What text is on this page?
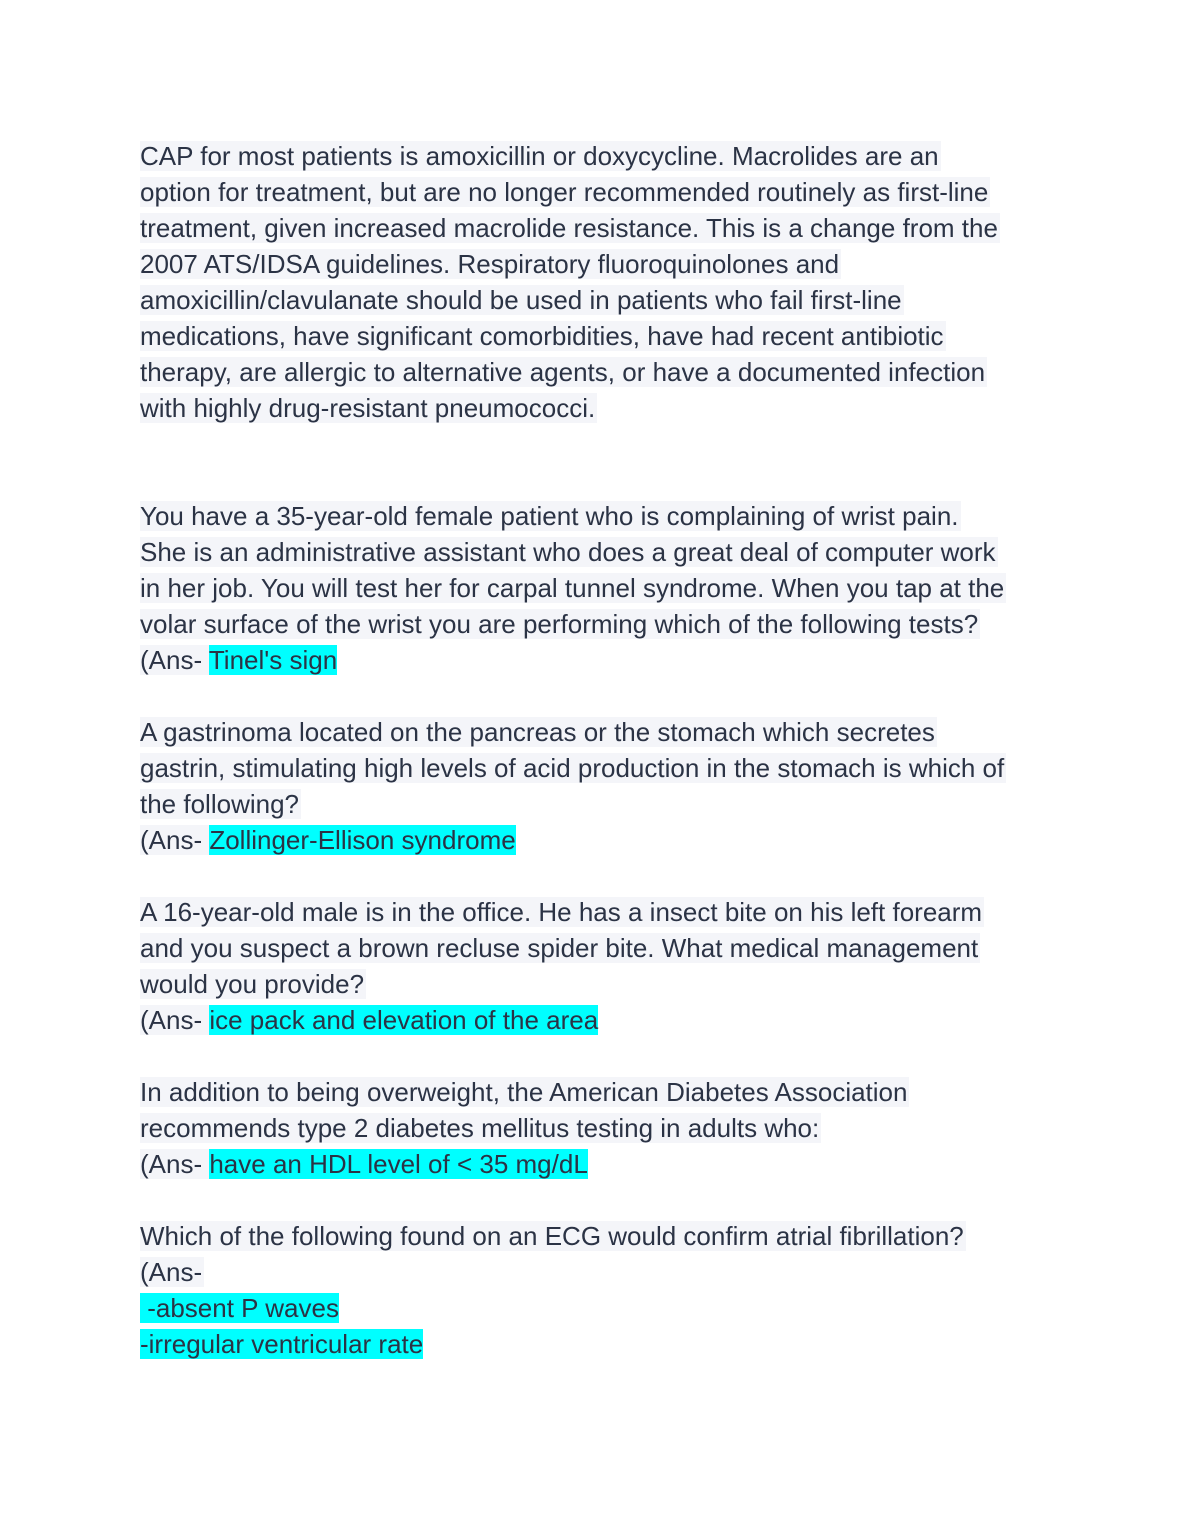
CAP for most patients is amoxicillin or doxycycline. Macrolides are an
option for treatment, but are no longer recommended routinely as first-line
treatment, given increased macrolide resistance. This is a change from the
2007 ATS/IDSA guidelines. Respiratory fluoroquinolones and
amoxicillin/clavulanate should be used in patients who fail first-line
medications, have significant comorbidities, have had recent antibiotic
therapy, are allergic to alternative agents, or have a documented infection
with highly drug-resistant pneumococci.
You have a 35-year-old female patient who is complaining of wrist pain.
She is an administrative assistant who does a great deal of computer work
in her job. You will test her for carpal tunnel syndrome. When you tap at the
volar surface of the wrist you are performing which of the following tests?
(Ans- Tinel's sign
A gastrinoma located on the pancreas or the stomach which secretes
gastrin, stimulating high levels of acid production in the stomach is which of
the following?
(Ans- Zollinger-Ellison syndrome
A 16-year-old male is in the office. He has a insect bite on his left forearm
and you suspect a brown recluse spider bite. What medical management
would you provide?
(Ans- ice pack and elevation of the area
In addition to being overweight, the American Diabetes Association
recommends type 2 diabetes mellitus testing in adults who:
(Ans- have an HDL level of < 35 mg/dL
Which of the following found on an ECG would confirm atrial fibrillation?
(Ans-
-absent P waves
-irregular ventricular rate
